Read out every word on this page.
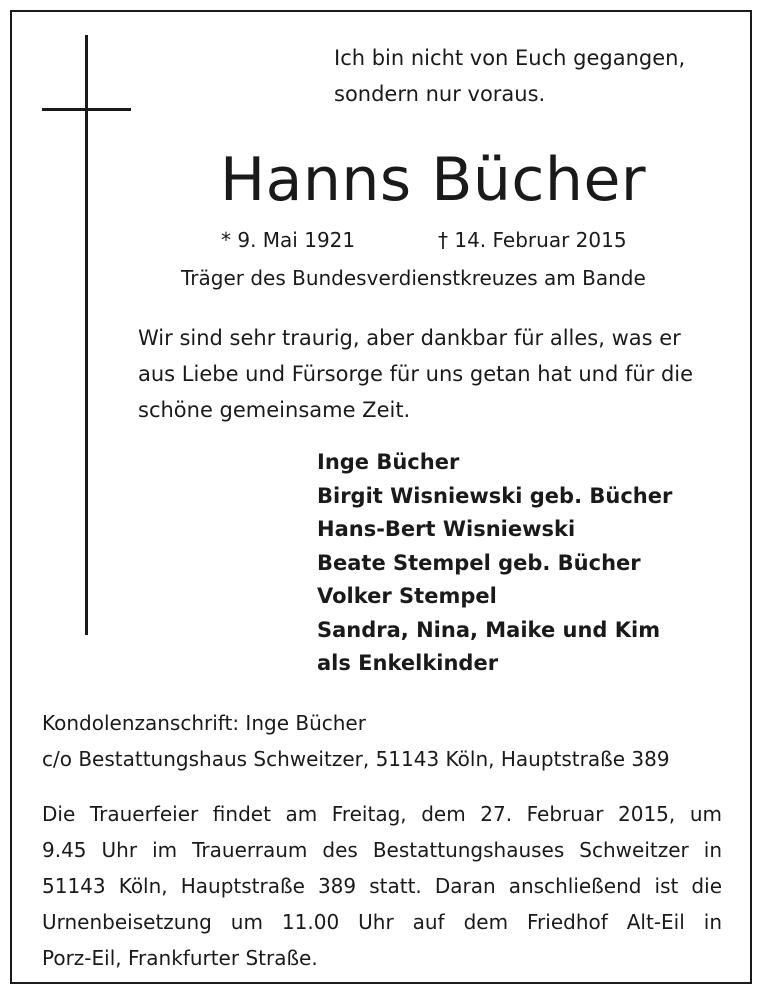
Ich bin nicht von Euch gegangen,
sondern nur voraus.

Hanns Bücher
* 9. Mai 1921	† 14. Februar 2015
Träger des Bundesverdienstkreuzes am Bande

Wir sind sehr traurig, aber dankbar für alles, was er
aus Liebe und Fürsorge für uns getan hat und für die
schöne gemeinsame Zeit.

Inge Bücher
Birgit Wisniewski geb. Bücher
Hans-Bert Wisniewski
Beate Stempel geb. Bücher
Volker Stempel
Sandra, Nina, Maike und Kim
als Enkelkinder

Kondolenzanschrift: Inge Bücher
c/o Bestattungshaus Schweitzer, 51143 Köln, Hauptstraße 389

Die Trauerfeier findet am Freitag, dem 27. Februar 2015, um
9.45 Uhr im Trauerraum des Bestattungshauses Schweitzer in
51143 Köln, Hauptstraße 389 statt. Daran anschließend ist die
Urnenbeisetzung um 11.00 Uhr auf dem Friedhof Alt-Eil in
Porz-Eil, Frankfurter Straße.
